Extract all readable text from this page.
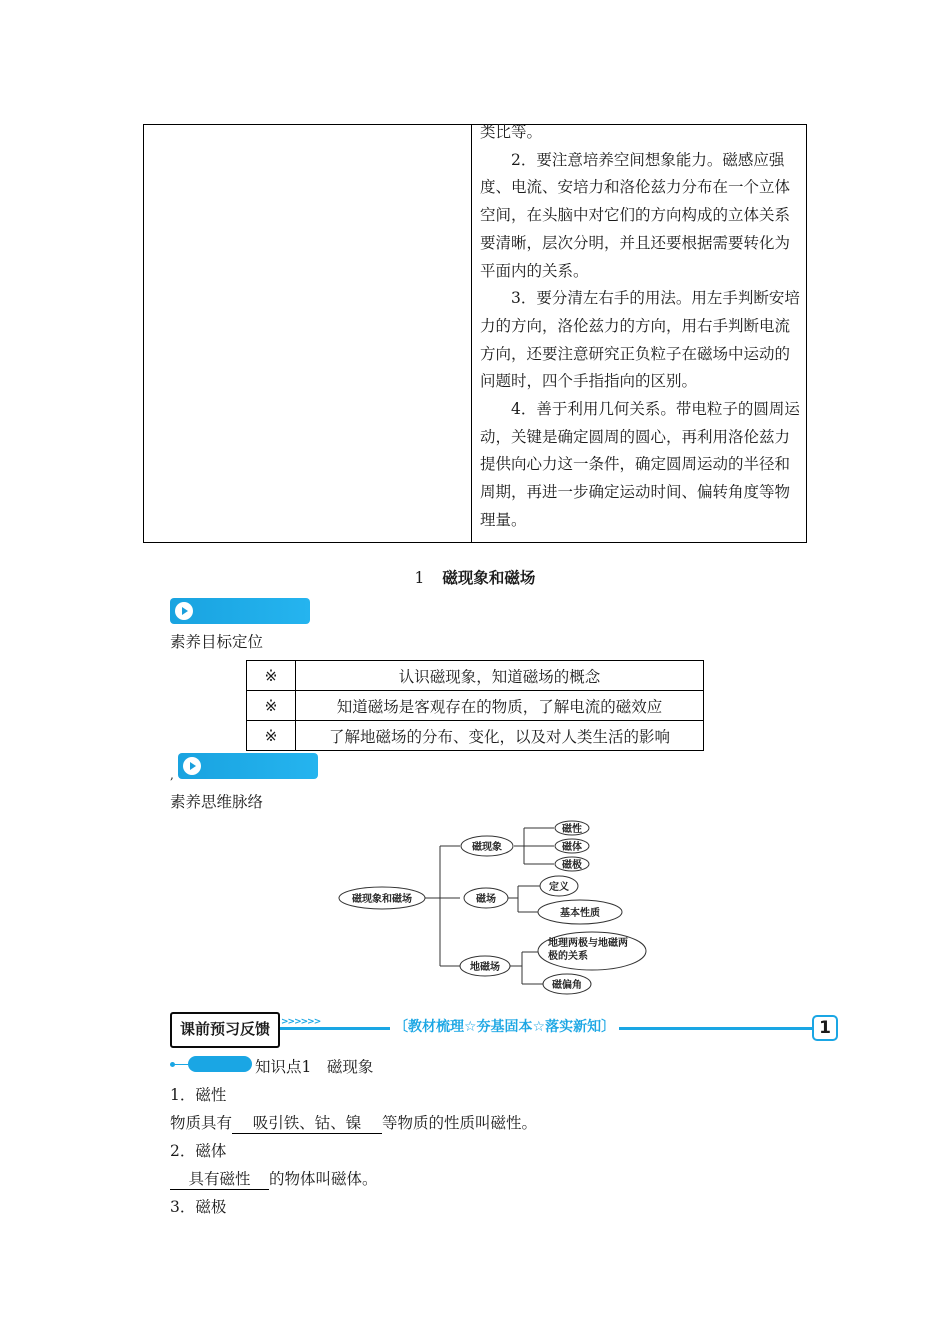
类比等。

2．要注意培养空间想象能力。磁感应强度、电流、安培力和洛伦兹力分布在一个立体空间，在头脑中对它们的方向构成的立体关系要清晰，层次分明，并且还要根据需要转化为平面内的关系。

3．要分清左右手的用法。用左手判断安培力的方向，洛伦兹力的方向，用右手判断电流方向，还要注意研究正负粒子在磁场中运动的问题时，四个手指指向的区别。

4．善于利用几何关系。带电粒子的圆周运动，关键是确定圆周的圆心，再利用洛伦兹力提供向心力这一条件，确定圆周运动的半径和周期，再进一步确定运动时间、偏转角度等物理量。

1 磁现象和磁场
素养目标定位
※	认识磁现象，知道磁场的概念
※	知道磁场是客观存在的物质，了解电流的磁效应
※	了解地磁场的分布、变化，以及对人类生活的影响
,
素养思维脉络
磁现象和磁场
磁现象
磁性
磁体
磁极
磁场
定义
基本性质
地磁场
地理两极与地磁两极的关系
磁偏角
课前预习反馈	>>>>>>	〔教材梳理☆夯基固本☆落实新知〕	1
知识点1　磁现象
1．磁性
物质具有 吸引铁、钴、镍 等物质的性质叫磁性。
2．磁体
具有磁性 的物体叫磁体。
3．磁极
